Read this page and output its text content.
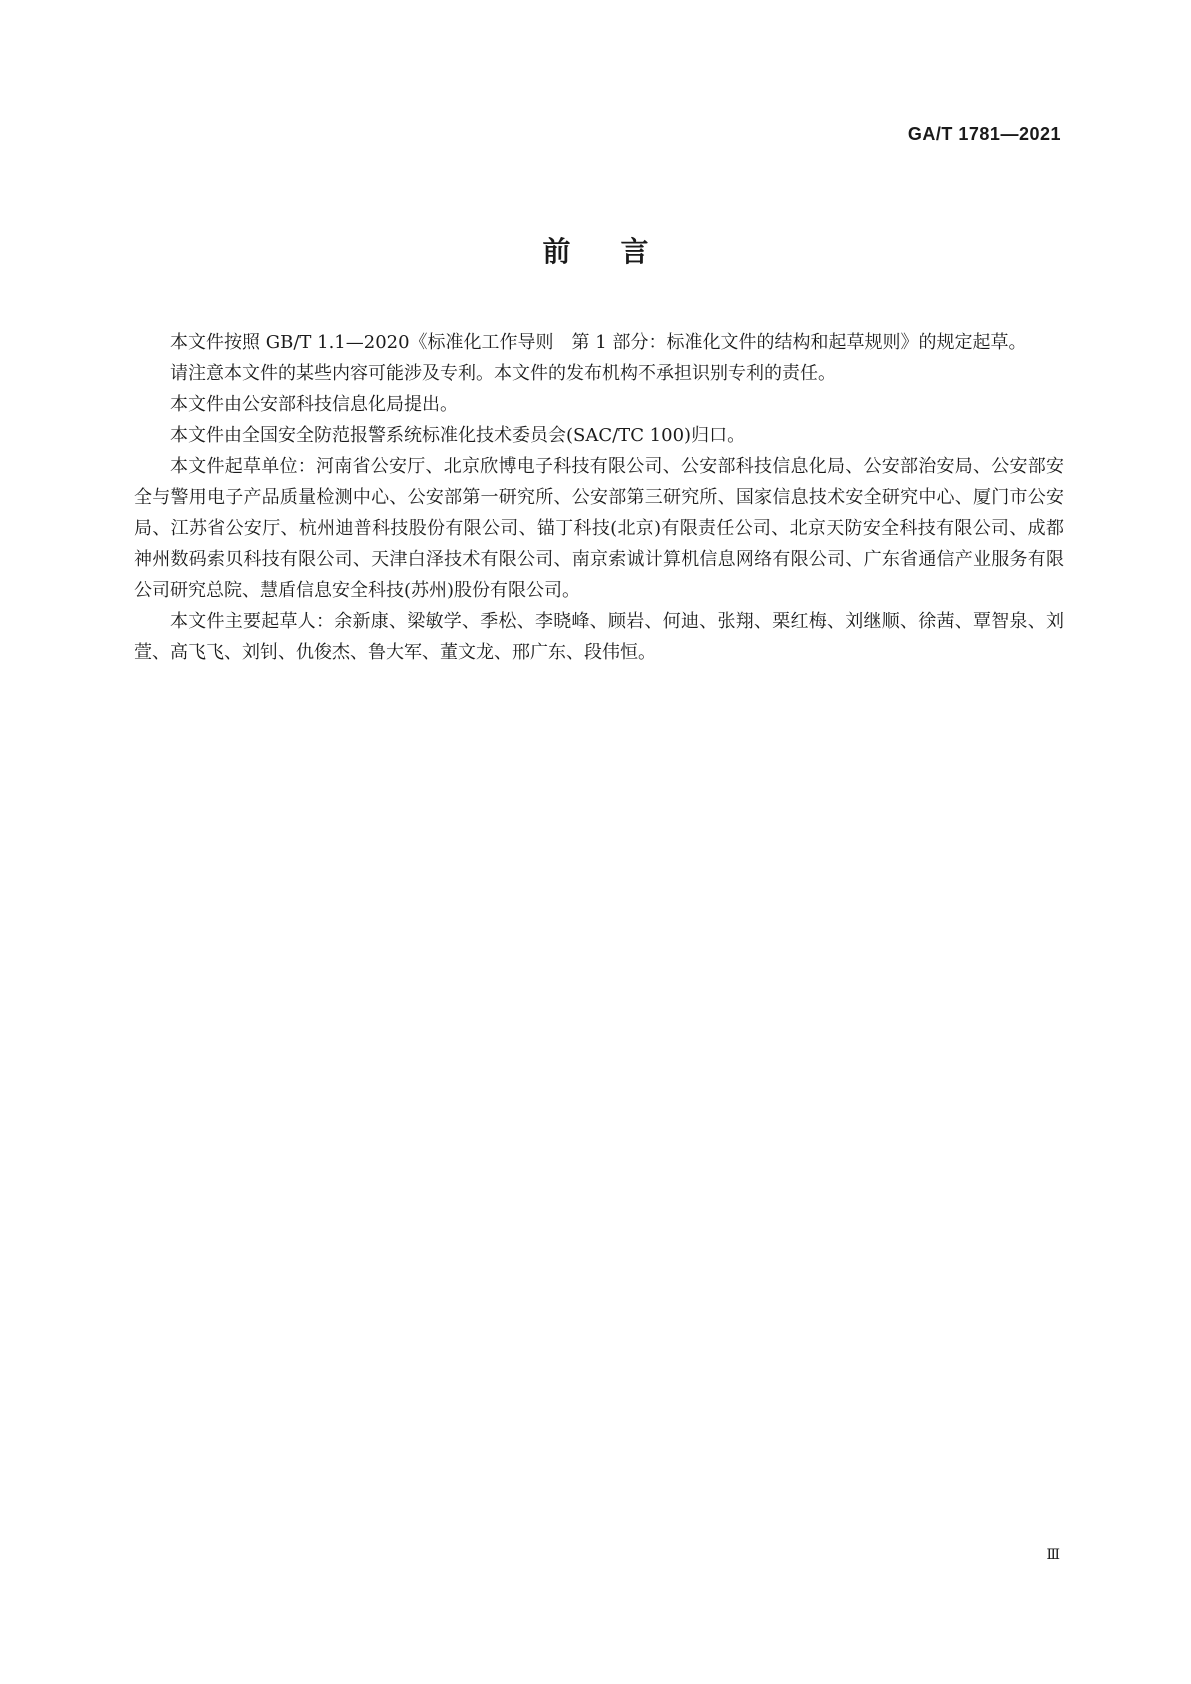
GA/T 1781—2021
前言

本文件按照 GB/T 1.1—2020《标准化工作导则　第 1 部分：标准化文件的结构和起草规则》的规定起草。

请注意本文件的某些内容可能涉及专利。本文件的发布机构不承担识别专利的责任。

本文件由公安部科技信息化局提出。

本文件由全国安全防范报警系统标准化技术委员会(SAC/TC 100)归口。

本文件起草单位：河南省公安厅、北京欣博电子科技有限公司、公安部科技信息化局、公安部治安局、公安部安全与警用电子产品质量检测中心、公安部第一研究所、公安部第三研究所、国家信息技术安全研究中心、厦门市公安局、江苏省公安厅、杭州迪普科技股份有限公司、锚丁科技(北京)有限责任公司、北京天防安全科技有限公司、成都神州数码索贝科技有限公司、天津白泽技术有限公司、南京索诚计算机信息网络有限公司、广东省通信产业服务有限公司研究总院、慧盾信息安全科技(苏州)股份有限公司。

本文件主要起草人：余新康、梁敏学、季松、李晓峰、顾岩、何迪、张翔、栗红梅、刘继顺、徐茜、覃智泉、刘萱、高飞飞、刘钊、仇俊杰、鲁大军、董文龙、邢广东、段伟恒。

Ⅲ
